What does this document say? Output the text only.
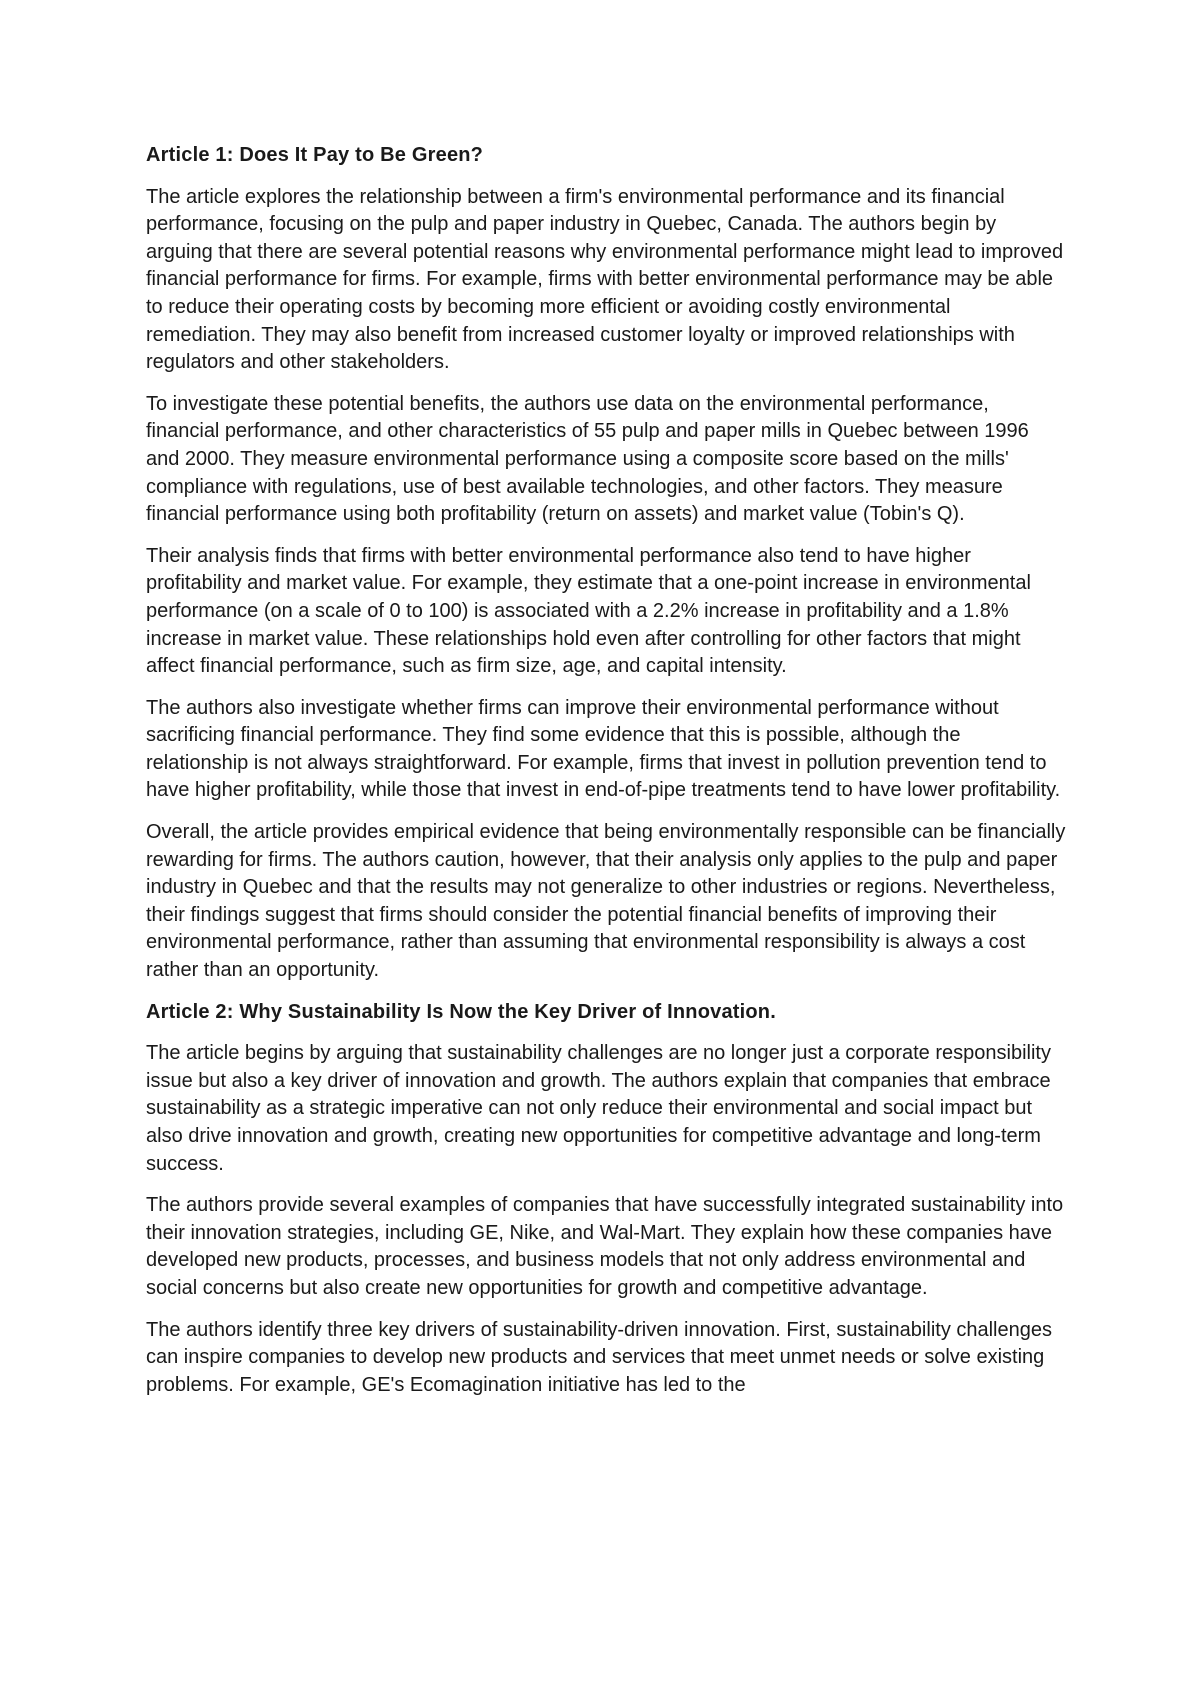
Article 1: Does It Pay to Be Green?

The article explores the relationship between a firm's environmental performance and its financial performance, focusing on the pulp and paper industry in Quebec, Canada. The authors begin by arguing that there are several potential reasons why environmental performance might lead to improved financial performance for firms. For example, firms with better environmental performance may be able to reduce their operating costs by becoming more efficient or avoiding costly environmental remediation. They may also benefit from increased customer loyalty or improved relationships with regulators and other stakeholders.

To investigate these potential benefits, the authors use data on the environmental performance, financial performance, and other characteristics of 55 pulp and paper mills in Quebec between 1996 and 2000. They measure environmental performance using a composite score based on the mills' compliance with regulations, use of best available technologies, and other factors. They measure financial performance using both profitability (return on assets) and market value (Tobin's Q).

Their analysis finds that firms with better environmental performance also tend to have higher profitability and market value. For example, they estimate that a one-point increase in environmental performance (on a scale of 0 to 100) is associated with a 2.2% increase in profitability and a 1.8% increase in market value. These relationships hold even after controlling for other factors that might affect financial performance, such as firm size, age, and capital intensity.

The authors also investigate whether firms can improve their environmental performance without sacrificing financial performance. They find some evidence that this is possible, although the relationship is not always straightforward. For example, firms that invest in pollution prevention tend to have higher profitability, while those that invest in end-of-pipe treatments tend to have lower profitability.

Overall, the article provides empirical evidence that being environmentally responsible can be financially rewarding for firms. The authors caution, however, that their analysis only applies to the pulp and paper industry in Quebec and that the results may not generalize to other industries or regions. Nevertheless, their findings suggest that firms should consider the potential financial benefits of improving their environmental performance, rather than assuming that environmental responsibility is always a cost rather than an opportunity.

Article 2: Why Sustainability Is Now the Key Driver of Innovation.

The article begins by arguing that sustainability challenges are no longer just a corporate responsibility issue but also a key driver of innovation and growth. The authors explain that companies that embrace sustainability as a strategic imperative can not only reduce their environmental and social impact but also drive innovation and growth, creating new opportunities for competitive advantage and long-term success.

The authors provide several examples of companies that have successfully integrated sustainability into their innovation strategies, including GE, Nike, and Wal-Mart. They explain how these companies have developed new products, processes, and business models that not only address environmental and social concerns but also create new opportunities for growth and competitive advantage.

The authors identify three key drivers of sustainability-driven innovation. First, sustainability challenges can inspire companies to develop new products and services that meet unmet needs or solve existing problems. For example, GE's Ecomagination initiative has led to the
